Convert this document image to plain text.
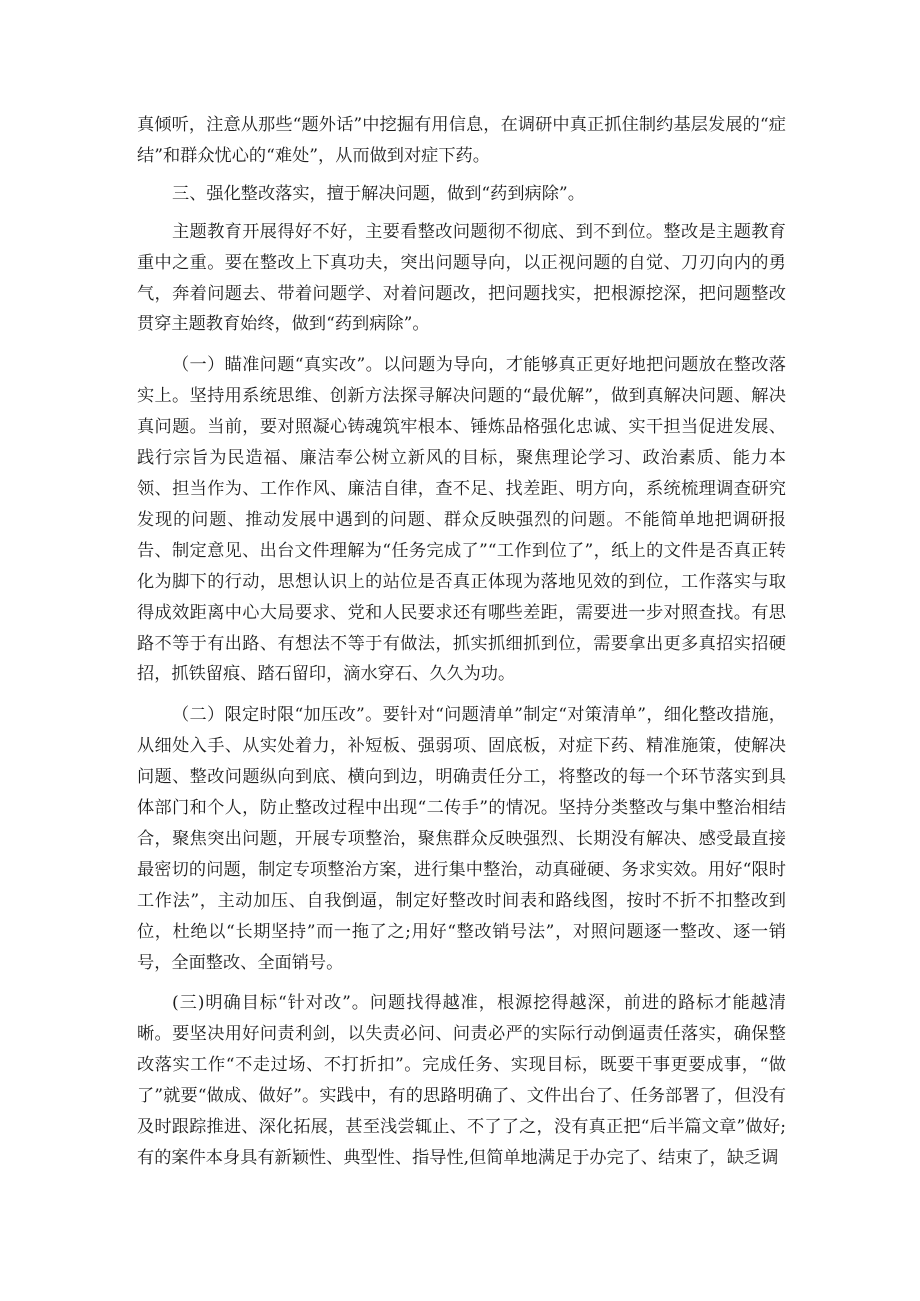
真倾听，注意从那些“题外话”中挖掘有用信息，在调研中真正抓住制约基层发展的“症结”和群众忧心的“难处”，从而做到对症下药。

三、强化整改落实，擅于解决问题，做到“药到病除”。

主题教育开展得好不好，主要看整改问题彻不彻底、到不到位。整改是主题教育重中之重。要在整改上下真功夫，突出问题导向，以正视问题的自觉、刀刃向内的勇气，奔着问题去、带着问题学、对着问题改，把问题找实，把根源挖深，把问题整改贯穿主题教育始终，做到“药到病除”。

（一）瞄准问题“真实改”。以问题为导向，才能够真正更好地把问题放在整改落实上。坚持用系统思维、创新方法探寻解决问题的“最优解”，做到真解决问题、解决真问题。当前，要对照凝心铸魂筑牢根本、锤炼品格强化忠诚、实干担当促进发展、践行宗旨为民造福、廉洁奉公树立新风的目标，聚焦理论学习、政治素质、能力本领、担当作为、工作作风、廉洁自律，查不足、找差距、明方向，系统梳理调查研究发现的问题、推动发展中遇到的问题、群众反映强烈的问题。不能简单地把调研报告、制定意见、出台文件理解为“任务完成了”“工作到位了”，纸上的文件是否真正转化为脚下的行动，思想认识上的站位是否真正体现为落地见效的到位，工作落实与取得成效距离中心大局要求、党和人民要求还有哪些差距，需要进一步对照查找。有思路不等于有出路、有想法不等于有做法，抓实抓细抓到位，需要拿出更多真招实招硬招，抓铁留痕、踏石留印，滴水穿石、久久为功。

（二）限定时限“加压改”。要针对“问题清单”制定“对策清单”，细化整改措施，从细处入手、从实处着力，补短板、强弱项、固底板，对症下药、精准施策，使解决问题、整改问题纵向到底、横向到边，明确责任分工，将整改的每一个环节落实到具体部门和个人，防止整改过程中出现“二传手”的情况。坚持分类整改与集中整治相结合，聚焦突出问题，开展专项整治，聚焦群众反映强烈、长期没有解决、感受最直接最密切的问题，制定专项整治方案，进行集中整治，动真碰硬、务求实效。用好“限时工作法”，主动加压、自我倒逼，制定好整改时间表和路线图，按时不折不扣整改到位，杜绝以“长期坚持”而一拖了之;用好“整改销号法”，对照问题逐一整改、逐一销号，全面整改、全面销号。

(三)明确目标“针对改”。问题找得越准，根源挖得越深，前进的路标才能越清晰。要坚决用好问责利剑，以失责必问、问责必严的实际行动倒逼责任落实，确保整改落实工作“不走过场、不打折扣”。完成任务、实现目标，既要干事更要成事，“做了”就要“做成、做好”。实践中，有的思路明确了、文件出台了、任务部署了，但没有及时跟踪推进、深化拓展，甚至浅尝辄止、不了了之，没有真正把“后半篇文章”做好;有的案件本身具有新颖性、典型性、指导性,但简单地满足于办完了、结束了，缺乏调
